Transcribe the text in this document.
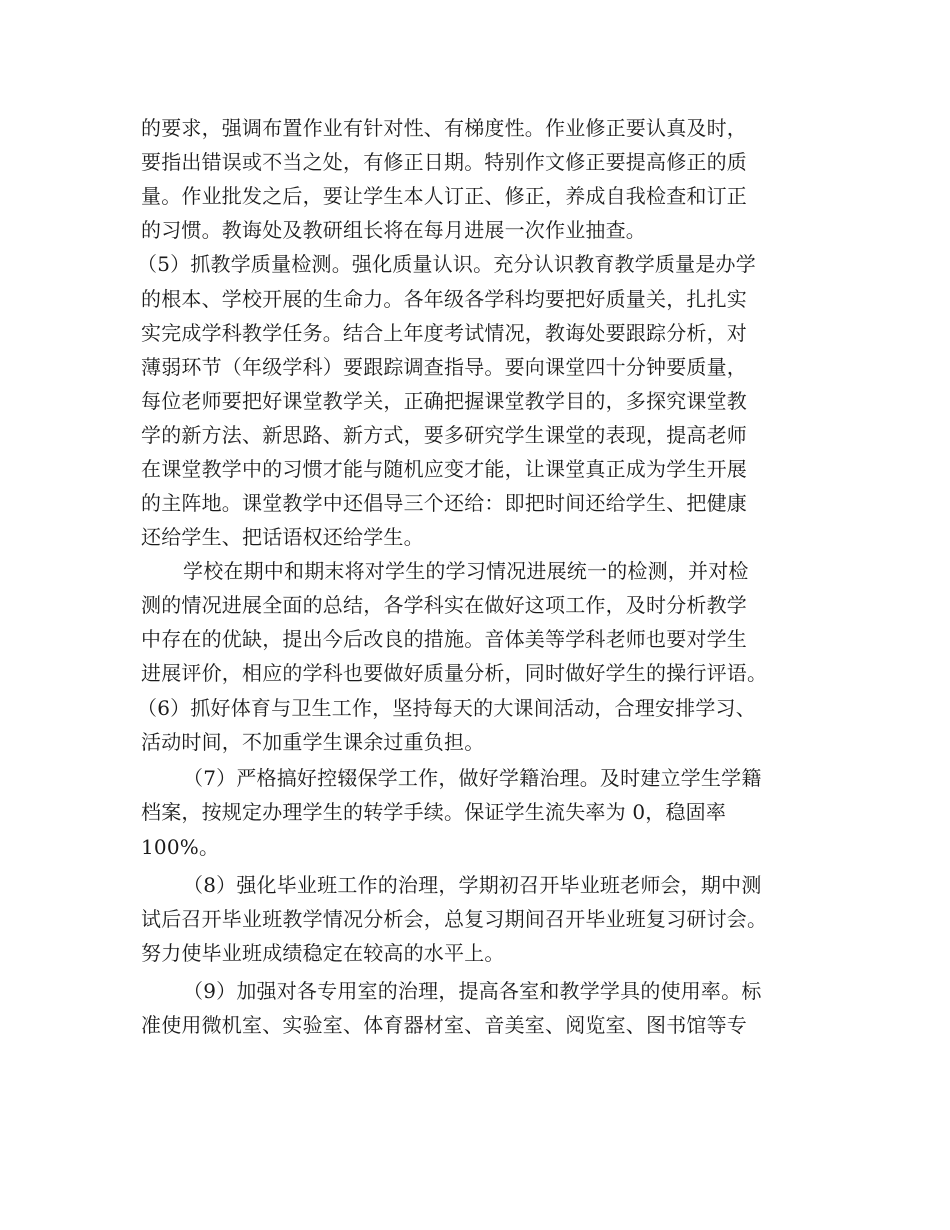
的要求，强调布置作业有针对性、有梯度性。作业修正要认真及时，
要指出错误或不当之处，有修正日期。特别作文修正要提高修正的质
量。作业批发之后，要让学生本人订正、修正，养成自我检查和订正
的习惯。教诲处及教研组长将在每月进展一次作业抽查。
（5）抓教学质量检测。强化质量认识。充分认识教育教学质量是办学
的根本、学校开展的生命力。各年级各学科均要把好质量关，扎扎实
实完成学科教学任务。结合上年度考试情况，教诲处要跟踪分析，对
薄弱环节（年级学科）要跟踪调查指导。要向课堂四十分钟要质量，
每位老师要把好课堂教学关，正确把握课堂教学目的，多探究课堂教
学的新方法、新思路、新方式，要多研究学生课堂的表现，提高老师
在课堂教学中的习惯才能与随机应变才能，让课堂真正成为学生开展
的主阵地。课堂教学中还倡导三个还给：即把时间还给学生、把健康
还给学生、把话语权还给学生。
学校在期中和期末将对学生的学习情况进展统一的检测，并对检
测的情况进展全面的总结，各学科实在做好这项工作，及时分析教学
中存在的优缺，提出今后改良的措施。音体美等学科老师也要对学生
进展评价，相应的学科也要做好质量分析，同时做好学生的操行评语。
（6）抓好体育与卫生工作，坚持每天的大课间活动，合理安排学习、
活动时间，不加重学生课余过重负担。
（7）严格搞好控辍保学工作，做好学籍治理。及时建立学生学籍
档案，按规定办理学生的转学手续。保证学生流失率为 0，稳固率
100%。
（8）强化毕业班工作的治理，学期初召开毕业班老师会，期中测
试后召开毕业班教学情况分析会，总复习期间召开毕业班复习研讨会。
努力使毕业班成绩稳定在较高的水平上。
（9）加强对各专用室的治理，提高各室和教学学具的使用率。标
准使用微机室、实验室、体育器材室、音美室、阅览室、图书馆等专
